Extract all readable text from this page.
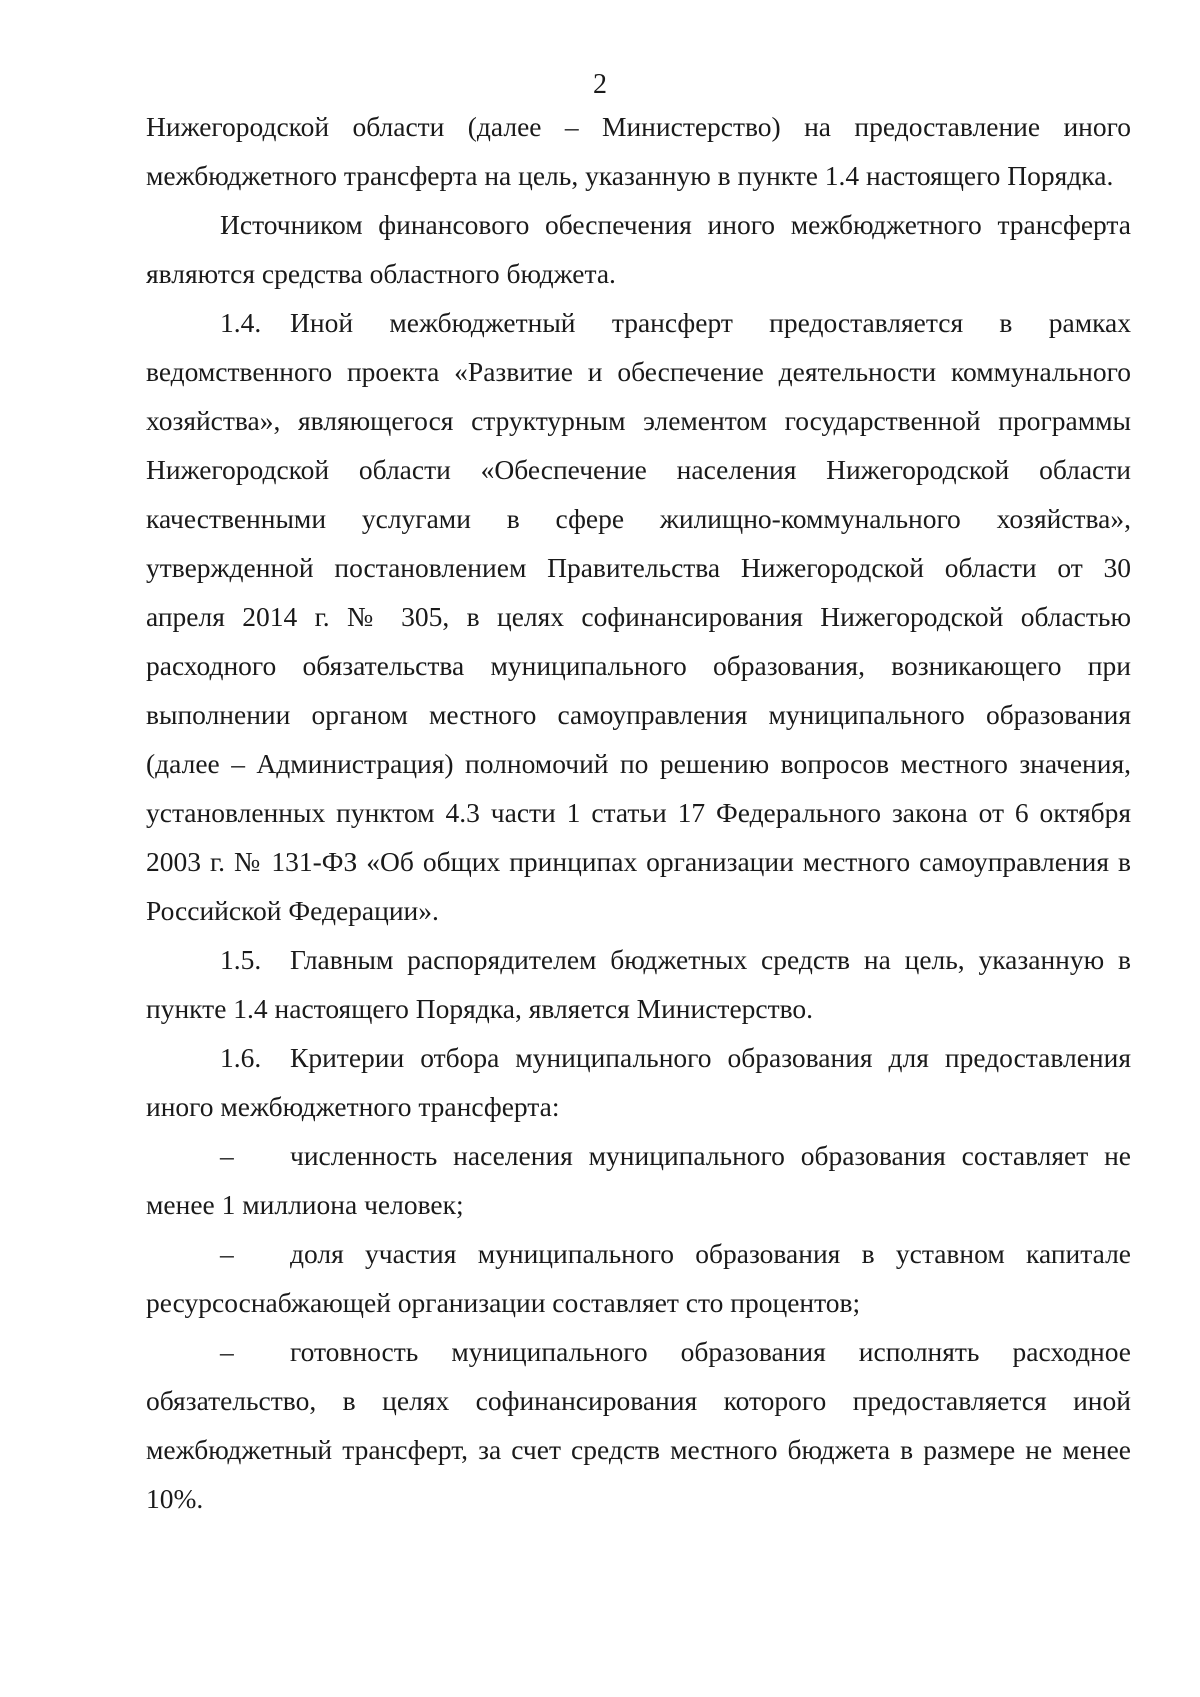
2

Нижегородской области (далее – Министерство) на предоставление иного межбюджетного трансферта на цель, указанную в пункте 1.4 настоящего Порядка.

Источником финансового обеспечения иного межбюджетного трансферта являются средства областного бюджета.

1.4. Иной межбюджетный трансферт предоставляется в рамках ведомственного проекта «Развитие и обеспечение деятельности коммунального хозяйства», являющегося структурным элементом государственной программы Нижегородской области «Обеспечение населения Нижегородской области качественными услугами в сфере жилищно-коммунального хозяйства», утвержденной постановлением Правительства Нижегородской области от 30 апреля 2014 г. № 305, в целях софинансирования Нижегородской областью расходного обязательства муниципального образования, возникающего при выполнении органом местного самоуправления муниципального образования (далее – Администрация) полномочий по решению вопросов местного значения, установленных пунктом 4.3 части 1 статьи 17 Федерального закона от 6 октября 2003 г. № 131-ФЗ «Об общих принципах организации местного самоуправления в Российской Федерации».

1.5. Главным распорядителем бюджетных средств на цель, указанную в пункте 1.4 настоящего Порядка, является Министерство.

1.6. Критерии отбора муниципального образования для предоставления иного межбюджетного трансферта:

– численность населения муниципального образования составляет не менее 1 миллиона человек;

– доля участия муниципального образования в уставном капитале ресурсоснабжающей организации составляет сто процентов;

– готовность муниципального образования исполнять расходное обязательство, в целях софинансирования которого предоставляется иной межбюджетный трансферт, за счет средств местного бюджета в размере не менее 10%.
